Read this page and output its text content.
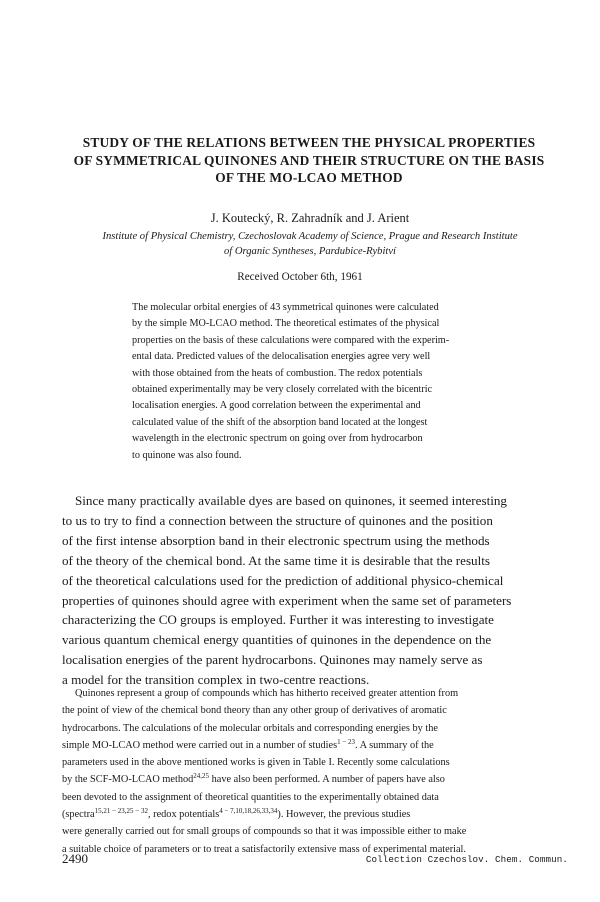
STUDY OF THE RELATIONS BETWEEN THE PHYSICAL PROPERTIES
OF SYMMETRICAL QUINONES AND THEIR STRUCTURE ON THE BASIS
OF THE MO-LCAO METHOD
J. Koutecký, R. Zahradník and J. Arient
Institute of Physical Chemistry, Czechoslovak Academy of Science, Prague and Research Institute
of Organic Syntheses, Pardubice-Rybitví
Received October 6th, 1961
The molecular orbital energies of 43 symmetrical quinones were calculated
by the simple MO-LCAO method. The theoretical estimates of the physical
properties on the basis of these calculations were compared with the experim-
ental data. Predicted values of the delocalisation energies agree very well
with those obtained from the heats of combustion. The redox potentials
obtained experimentally may be very closely correlated with the bicentric
localisation energies. A good correlation between the experimental and
calculated value of the shift of the absorption band located at the longest
wavelength in the electronic spectrum on going over from hydrocarbon
to quinone was also found.
Since many practically available dyes are based on quinones, it seemed interesting
to us to try to find a connection between the structure of quinones and the position
of the first intense absorption band in their electronic spectrum using the methods
of the theory of the chemical bond. At the same time it is desirable that the results
of the theoretical calculations used for the prediction of additional physico-chemical
properties of quinones should agree with experiment when the same set of parameters
characterizing the CO groups is employed. Further it was interesting to investigate
various quantum chemical energy quantities of quinones in the dependence on the
localisation energies of the parent hydrocarbons. Quinones may namely serve as
a model for the transition complex in two-centre reactions.
Quinones represent a group of compounds which has hitherto received greater attention from
the point of view of the chemical bond theory than any other group of derivatives of aromatic
hydrocarbons. The calculations of the molecular orbitals and corresponding energies by the
simple MO-LCAO method were carried out in a number of studies$^{1 - 23}$. A summary of the
parameters used in the above mentioned works is given in Table I. Recently some calculations
by the SCF-MO-LCAO method$^{24,25}$ have also been performed. A number of papers have also
been devoted to the assignment of theoretical quantities to the experimentally obtained data
(spectra$^{15,21 - 23,25 - 32}$, redox potentials$^{4 - 7,10,18,26,33,34}$). However, the previous studies
were generally carried out for small groups of compounds so that it was impossible either to make
a suitable choice of parameters or to treat a satisfactorily extensive mass of experimental material.
2490	Collection Czechoslov. Chem. Commun.
